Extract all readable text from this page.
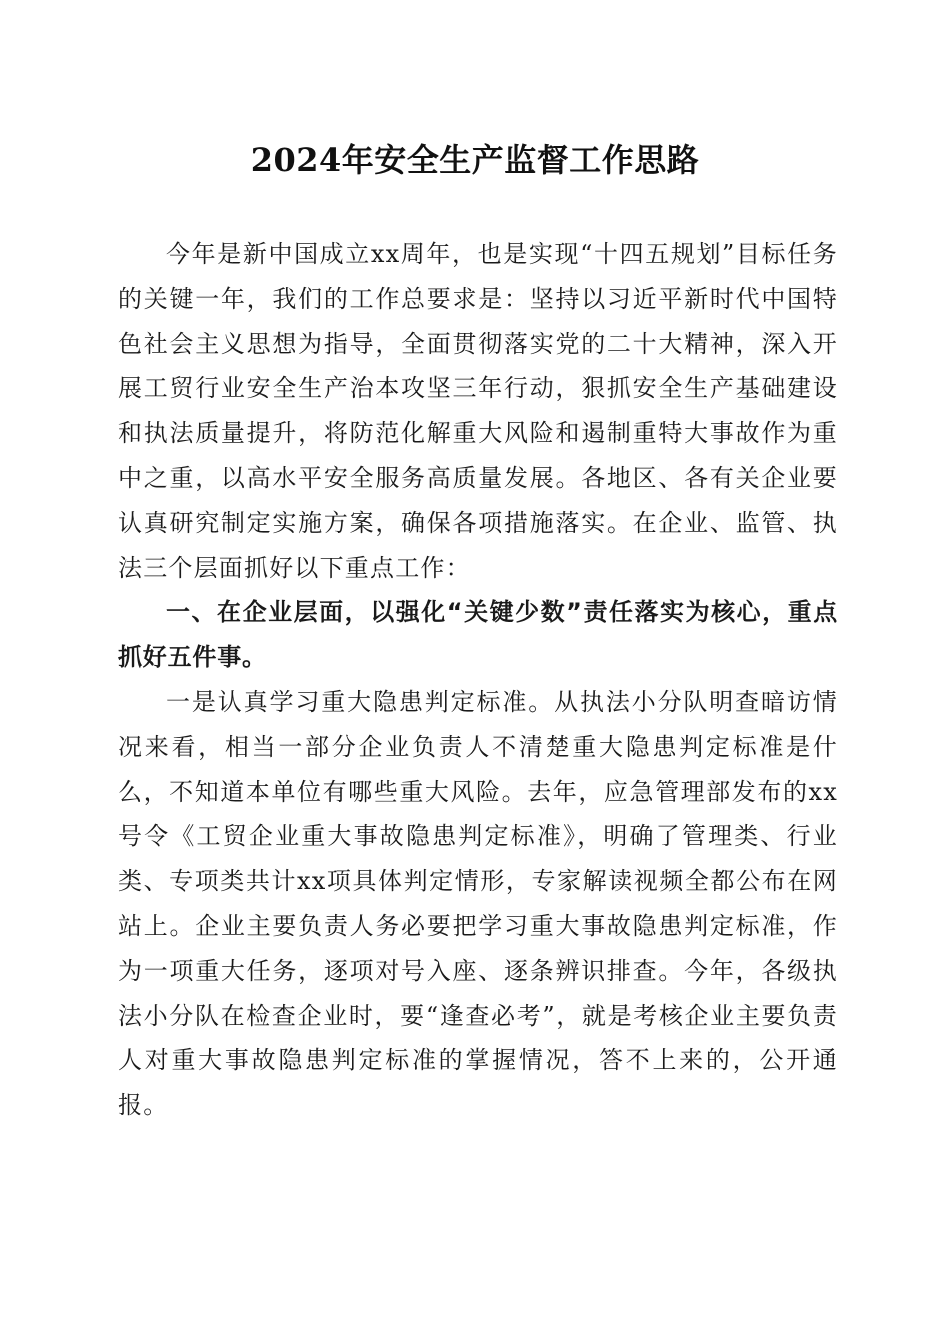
2024年安全生产监督工作思路

今年是新中国成立xx周年，也是实现“十四五规划”目标任务的关键一年，我们的工作总要求是：坚持以习近平新时代中国特色社会主义思想为指导，全面贯彻落实党的二十大精神，深入开展工贸行业安全生产治本攻坚三年行动，狠抓安全生产基础建设和执法质量提升，将防范化解重大风险和遏制重特大事故作为重中之重，以高水平安全服务高质量发展。各地区、各有关企业要认真研究制定实施方案，确保各项措施落实。在企业、监管、执法三个层面抓好以下重点工作：

一、在企业层面，以强化“关键少数”责任落实为核心，重点抓好五件事。

一是认真学习重大隐患判定标准。从执法小分队明查暗访情况来看，相当一部分企业负责人不清楚重大隐患判定标准是什么，不知道本单位有哪些重大风险。去年，应急管理部发布的xx号令《工贸企业重大事故隐患判定标准》，明确了管理类、行业类、专项类共计xx项具体判定情形，专家解读视频全都公布在网站上。企业主要负责人务必要把学习重大事故隐患判定标准，作为一项重大任务，逐项对号入座、逐条辨识排查。今年，各级执法小分队在检查企业时，要“逢查必考”，就是考核企业主要负责人对重大事故隐患判定标准的掌握情况，答不上来的，公开通报。
